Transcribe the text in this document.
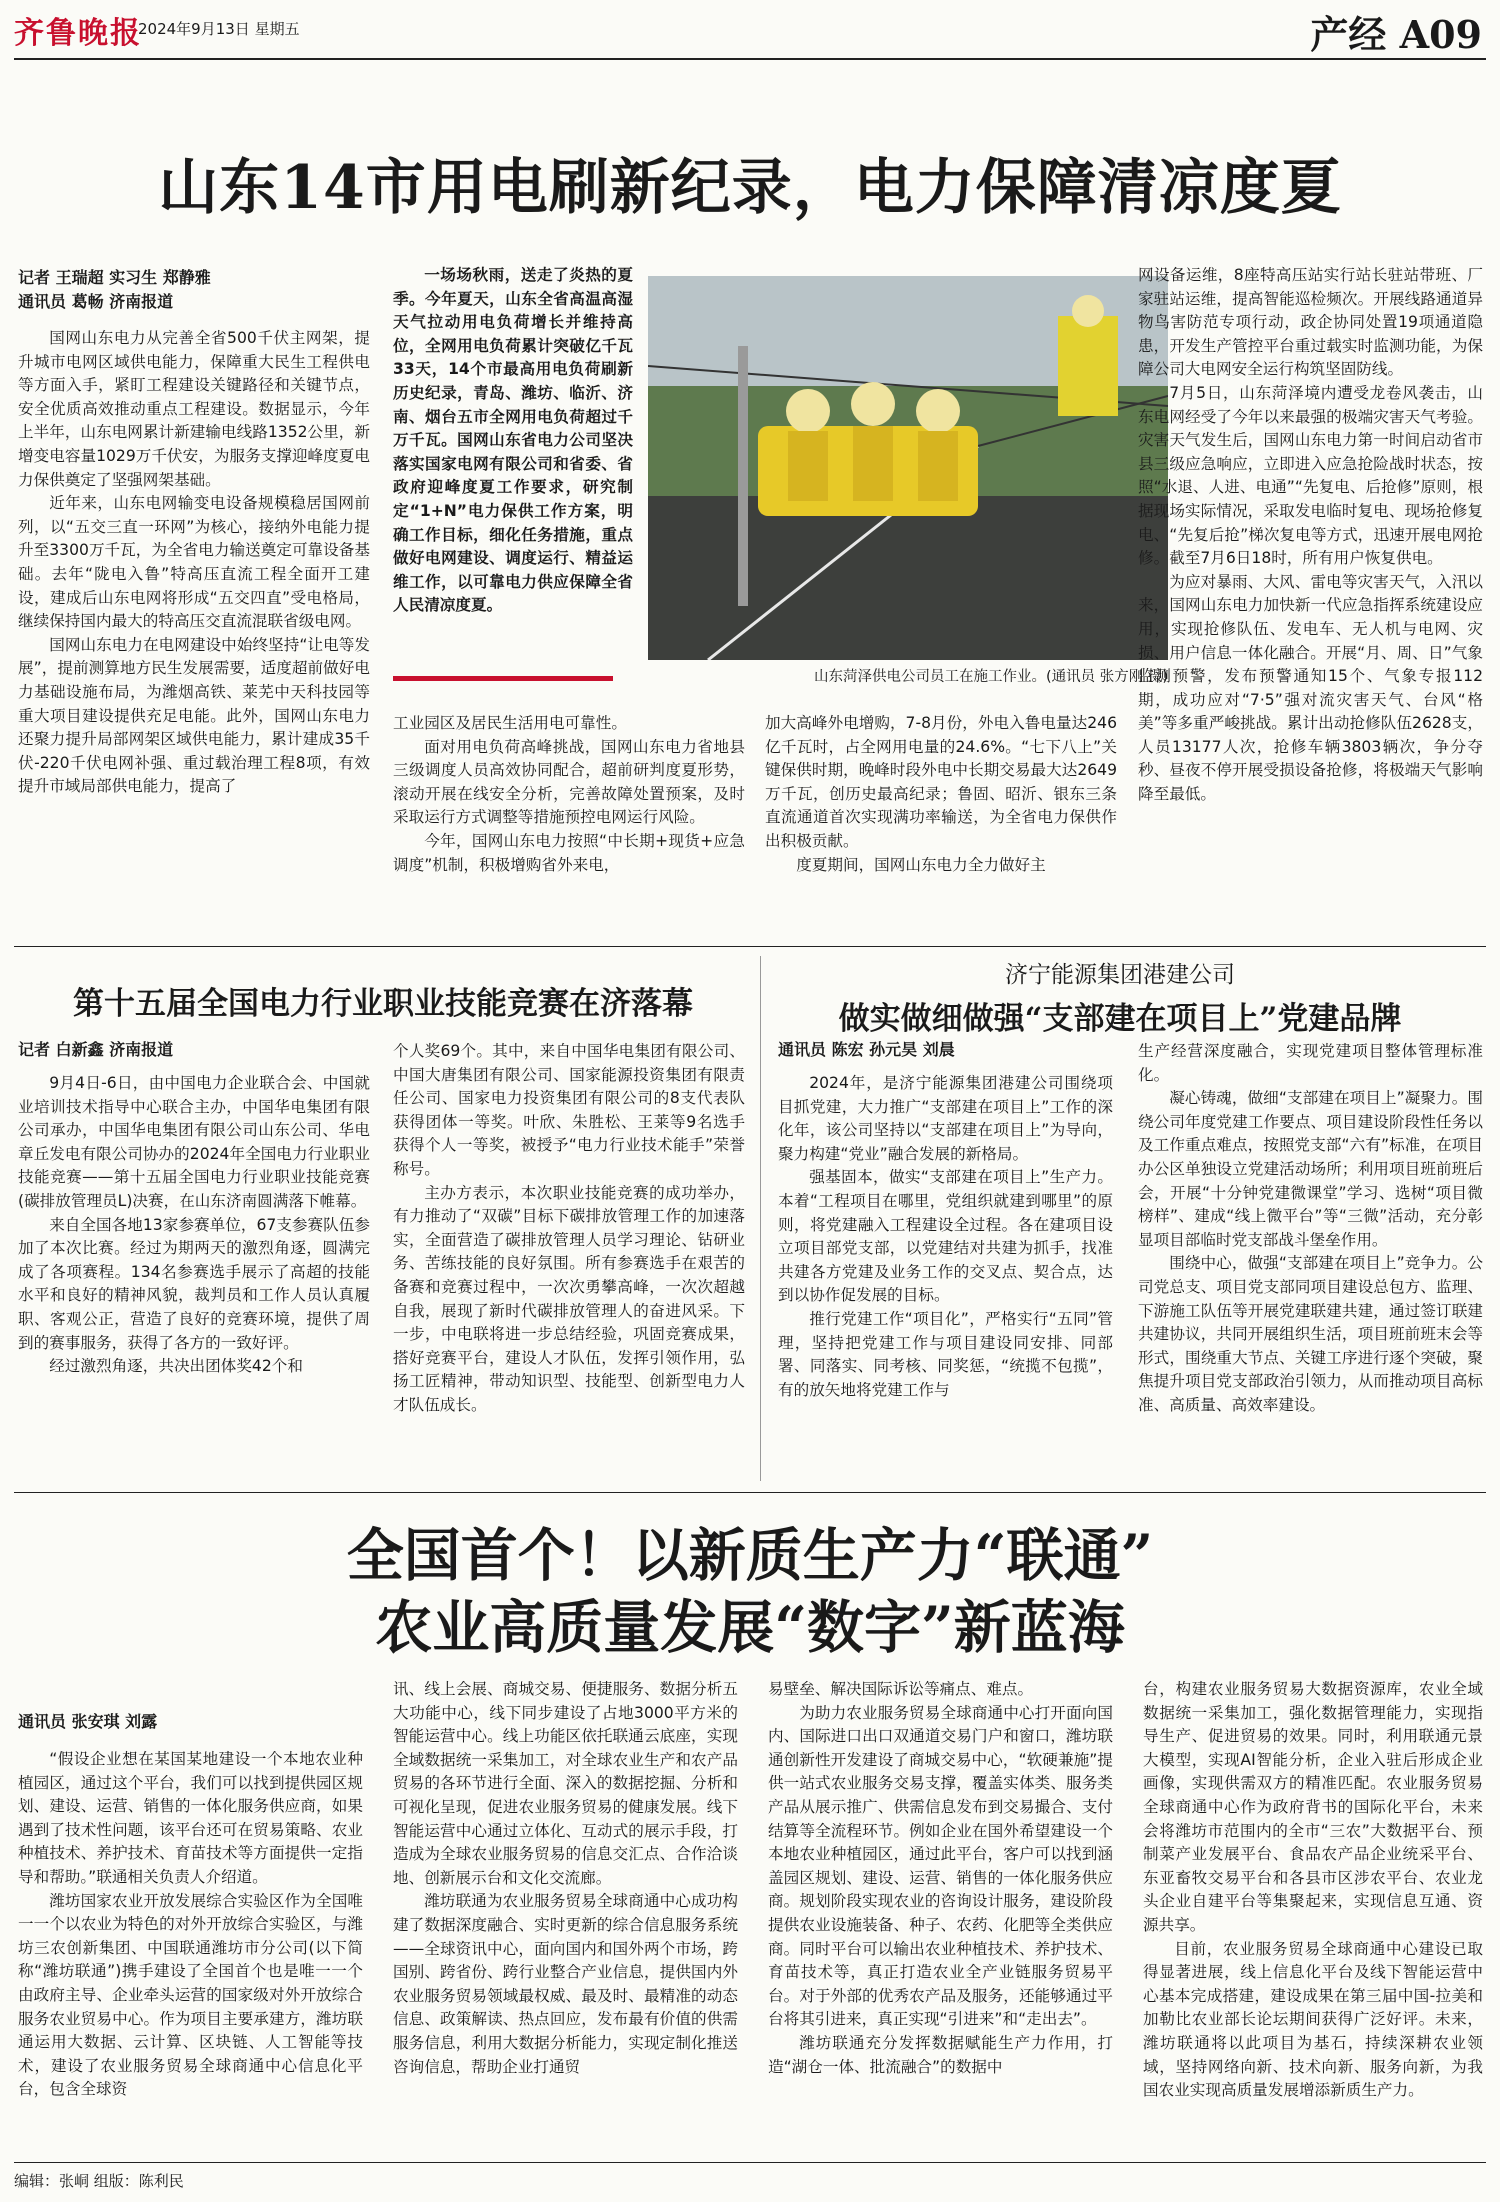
齐鲁晚报
2024年9月13日 星期五	产经 A09
山东14市用电刷新纪录，电力保障清凉度夏
记者 王瑞超 实习生 郑静雅
通讯员 葛畅 济南报道

国网山东电力从完善全省500千伏主网架，提升城市电网区域供电能力，保障重大民生工程供电等方面入手，紧盯工程建设关键路径和关键节点，安全优质高效推动重点工程建设。数据显示，今年上半年，山东电网累计新建输电线路1352公里，新增变电容量1029万千伏安，为服务支撑迎峰度夏电力保供奠定了坚强网架基础。

近年来，山东电网输变电设备规模稳居国网前列，以“五交三直一环网”为核心，接纳外电能力提升至3300万千瓦，为全省电力输送奠定可靠设备基础。去年“陇电入鲁”特高压直流工程全面开工建设，建成后山东电网将形成“五交四直”受电格局，继续保持国内最大的特高压交直流混联省级电网。

国网山东电力在电网建设中始终坚持“让电等发展”，提前测算地方民生发展需要，适度超前做好电力基础设施布局，为潍烟高铁、莱芜中天科技园等重大项目建设提供充足电能。此外，国网山东电力还聚力提升局部网架区域供电能力，累计建成35千伏-220千伏电网补强、重过载治理工程8项，有效提升市域局部供电能力，提高了

一场场秋雨，送走了炎热的夏季。今年夏天，山东全省高温高湿天气拉动用电负荷增长并维持高位，全网用电负荷累计突破亿千瓦33天，14个市最高用电负荷刷新历史纪录，青岛、潍坊、临沂、济南、烟台五市全网用电负荷超过千万千瓦。国网山东省电力公司坚决落实国家电网有限公司和省委、省政府迎峰度夏工作要求，研究制定“1+N”电力保供工作方案，明确工作目标，细化任务措施，重点做好电网建设、调度运行、精益运维工作，以可靠电力供应保障全省人民清凉度夏。

山东菏泽供电公司员工在施工作业。(通讯员 张方刚 摄)

工业园区及居民生活用电可靠性。

面对用电负荷高峰挑战，国网山东电力省地县三级调度人员高效协同配合，超前研判度夏形势，滚动开展在线安全分析，完善故障处置预案，及时采取运行方式调整等措施预控电网运行风险。

今年，国网山东电力按照“中长期+现货+应急调度”机制，积极增购省外来电，

加大高峰外电增购，7-8月份，外电入鲁电量达246亿千瓦时，占全网用电量的24.6%。“七下八上”关键保供时期，晚峰时段外电中长期交易最大达2649万千瓦，创历史最高纪录；鲁固、昭沂、银东三条直流通道首次实现满功率输送，为全省电力保供作出积极贡献。

度夏期间，国网山东电力全力做好主

网设备运维，8座特高压站实行站长驻站带班、厂家驻站运维，提高智能巡检频次。开展线路通道异物鸟害防范专项行动，政企协同处置19项通道隐患，开发生产管控平台重过载实时监测功能，为保障公司大电网安全运行构筑坚固防线。

7月5日，山东菏泽境内遭受龙卷风袭击，山东电网经受了今年以来最强的极端灾害天气考验。灾害天气发生后，国网山东电力第一时间启动省市县三级应急响应，立即进入应急抢险战时状态，按照“水退、人进、电通”“先复电、后抢修”原则，根据现场实际情况，采取发电临时复电、现场抢修复电、“先复后抢”梯次复电等方式，迅速开展电网抢修。截至7月6日18时，所有用户恢复供电。

为应对暴雨、大风、雷电等灾害天气，入汛以来，国网山东电力加快新一代应急指挥系统建设应用，实现抢修队伍、发电车、无人机与电网、灾损、用户信息一体化融合。开展“月、周、日”气象监测预警，发布预警通知15个、气象专报112期，成功应对“7·5”强对流灾害天气、台风“格美”等多重严峻挑战。累计出动抢修队伍2628支，人员13177人次，抢修车辆3803辆次，争分夺秒、昼夜不停开展受损设备抢修，将极端天气影响降至最低。

第十五届全国电力行业职业技能竞赛在济落幕
记者 白新鑫 济南报道

9月4日-6日，由中国电力企业联合会、中国就业培训技术指导中心联合主办，中国华电集团有限公司承办，中国华电集团有限公司山东公司、华电章丘发电有限公司协办的2024年全国电力行业职业技能竞赛——第十五届全国电力行业职业技能竞赛(碳排放管理员L)决赛，在山东济南圆满落下帷幕。

来自全国各地13家参赛单位，67支参赛队伍参加了本次比赛。经过为期两天的激烈角逐，圆满完成了各项赛程。134名参赛选手展示了高超的技能水平和良好的精神风貌，裁判员和工作人员认真履职、客观公正，营造了良好的竞赛环境，提供了周到的赛事服务，获得了各方的一致好评。

经过激烈角逐，共决出团体奖42个和

个人奖69个。其中，来自中国华电集团有限公司、中国大唐集团有限公司、国家能源投资集团有限责任公司、国家电力投资集团有限公司的8支代表队获得团体一等奖。叶欣、朱胜松、王莱等9名选手获得个人一等奖，被授予“电力行业技术能手”荣誉称号。

主办方表示，本次职业技能竞赛的成功举办，有力推动了“双碳”目标下碳排放管理工作的加速落实，全面营造了碳排放管理人员学习理论、钻研业务、苦练技能的良好氛围。所有参赛选手在艰苦的备赛和竞赛过程中，一次次勇攀高峰，一次次超越自我，展现了新时代碳排放管理人的奋进风采。下一步，中电联将进一步总结经验，巩固竞赛成果，搭好竞赛平台，建设人才队伍，发挥引领作用，弘扬工匠精神，带动知识型、技能型、创新型电力人才队伍成长。

济宁能源集团港建公司
做实做细做强“支部建在项目上”党建品牌
通讯员 陈宏 孙元昊 刘晨

2024年，是济宁能源集团港建公司围绕项目抓党建，大力推广“支部建在项目上”工作的深化年，该公司坚持以“支部建在项目上”为导向，聚力构建“党业”融合发展的新格局。

强基固本，做实“支部建在项目上”生产力。本着“工程项目在哪里，党组织就建到哪里”的原则，将党建融入工程建设全过程。各在建项目设立项目部党支部，以党建结对共建为抓手，找准共建各方党建及业务工作的交叉点、契合点，达到以协作促发展的目标。

推行党建工作“项目化”，严格实行“五同”管理，坚持把党建工作与项目建设同安排、同部署、同落实、同考核、同奖惩，“统揽不包揽”，有的放矢地将党建工作与

生产经营深度融合，实现党建项目整体管理标准化。

凝心铸魂，做细“支部建在项目上”凝聚力。围绕公司年度党建工作要点、项目建设阶段性任务以及工作重点难点，按照党支部“六有”标准，在项目办公区单独设立党建活动场所；利用项目班前班后会，开展“十分钟党建微课堂”学习、选树“项目微榜样”、建成“线上微平台”等“三微”活动，充分彰显项目部临时党支部战斗堡垒作用。

围绕中心，做强“支部建在项目上”竞争力。公司党总支、项目党支部同项目建设总包方、监理、下游施工队伍等开展党建联建共建，通过签订联建共建协议，共同开展组织生活，项目班前班末会等形式，围绕重大节点、关键工序进行逐个突破，聚焦提升项目党支部政治引领力，从而推动项目高标准、高质量、高效率建设。

全国首个！以新质生产力“联通”
农业高质量发展“数字”新蓝海
通讯员 张安琪 刘露

“假设企业想在某国某地建设一个本地农业种植园区，通过这个平台，我们可以找到提供园区规划、建设、运营、销售的一体化服务供应商，如果遇到了技术性问题，该平台还可在贸易策略、农业种植技术、养护技术、育苗技术等方面提供一定指导和帮助。”联通相关负责人介绍道。

潍坊国家农业开放发展综合实验区作为全国唯一一个以农业为特色的对外开放综合实验区，与潍坊三农创新集团、中国联通潍坊市分公司(以下简称“潍坊联通”)携手建设了全国首个也是唯一一个由政府主导、企业牵头运营的国家级对外开放综合服务农业贸易中心。作为项目主要承建方，潍坊联通运用大数据、云计算、区块链、人工智能等技术，建设了农业服务贸易全球商通中心信息化平台，包含全球资

讯、线上会展、商城交易、便捷服务、数据分析五大功能中心，线下同步建设了占地3000平方米的智能运营中心。线上功能区依托联通云底座，实现全域数据统一采集加工，对全球农业生产和农产品贸易的各环节进行全面、深入的数据挖掘、分析和可视化呈现，促进农业服务贸易的健康发展。线下智能运营中心通过立体化、互动式的展示手段，打造成为全球农业服务贸易的信息交汇点、合作洽谈地、创新展示台和文化交流廊。

潍坊联通为农业服务贸易全球商通中心成功构建了数据深度融合、实时更新的综合信息服务系统——全球资讯中心，面向国内和国外两个市场，跨国别、跨省份、跨行业整合产业信息，提供国内外农业服务贸易领域最权威、最及时、最精准的动态信息、政策解读、热点回应，发布最有价值的供需服务信息，利用大数据分析能力，实现定制化推送咨询信息，帮助企业打通贸

易壁垒、解决国际诉讼等痛点、难点。

为助力农业服务贸易全球商通中心打开面向国内、国际进口出口双通道交易门户和窗口，潍坊联通创新性开发建设了商城交易中心，“软硬兼施”提供一站式农业服务交易支撑，覆盖实体类、服务类产品从展示推广、供需信息发布到交易撮合、支付结算等全流程环节。例如企业在国外希望建设一个本地农业种植园区，通过此平台，客户可以找到涵盖园区规划、建设、运营、销售的一体化服务供应商。规划阶段实现农业的咨询设计服务，建设阶段提供农业设施装备、种子、农药、化肥等全类供应商。同时平台可以输出农业种植技术、养护技术、育苗技术等，真正打造农业全产业链服务贸易平台。对于外部的优秀农产品及服务，还能够通过平台将其引进来，真正实现“引进来”和“走出去”。

潍坊联通充分发挥数据赋能生产力作用，打造“湖仓一体、批流融合”的数据中

台，构建农业服务贸易大数据资源库，农业全域数据统一采集加工，强化数据管理能力，实现指导生产、促进贸易的效果。同时，利用联通元景大模型，实现AI智能分析，企业入驻后形成企业画像，实现供需双方的精准匹配。农业服务贸易全球商通中心作为政府背书的国际化平台，未来会将潍坊市范围内的全市“三农”大数据平台、预制菜产业发展平台、食品农产品企业统采平台、东亚畜牧交易平台和各县市区涉农平台、农业龙头企业自建平台等集聚起来，实现信息互通、资源共享。

目前，农业服务贸易全球商通中心建设已取得显著进展，线上信息化平台及线下智能运营中心基本完成搭建，建设成果在第三届中国-拉美和加勒比农业部长论坛期间获得广泛好评。未来，潍坊联通将以此项目为基石，持续深耕农业领域，坚持网络向新、技术向新、服务向新，为我国农业实现高质量发展增添新质生产力。

编辑：张峒 组版：陈利民
